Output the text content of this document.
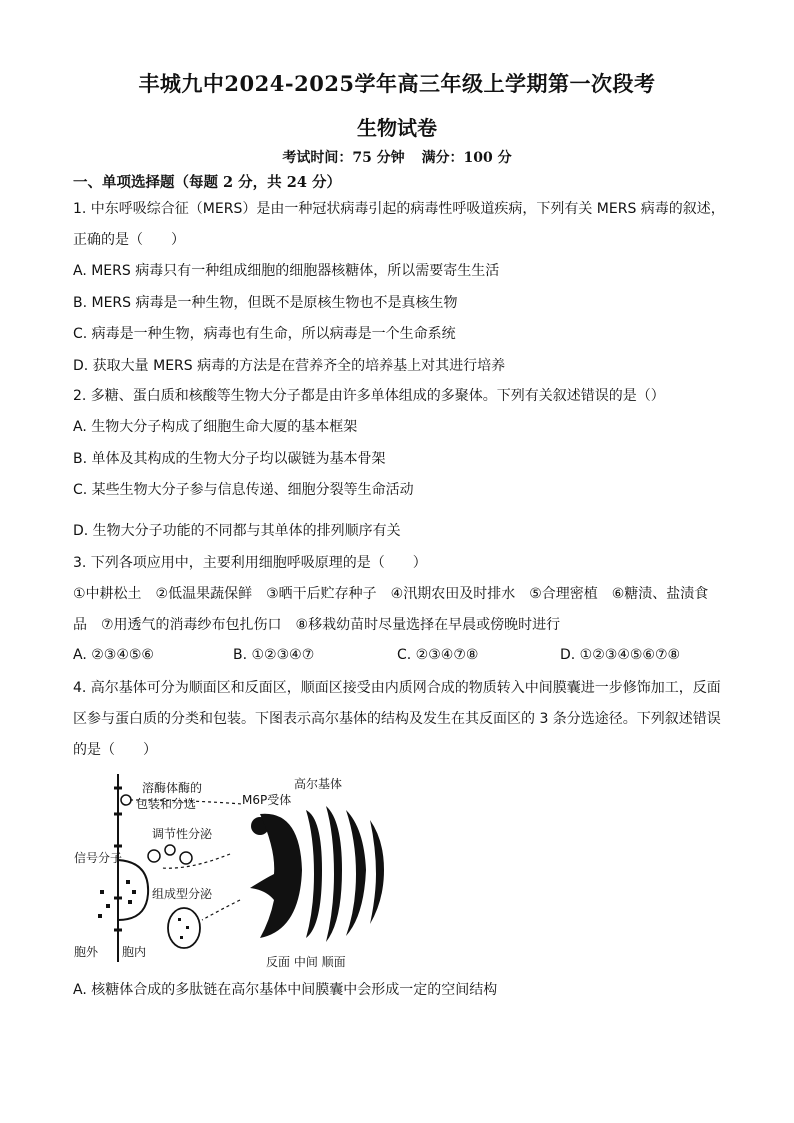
丰城九中2024-2025学年高三年级上学期第一次段考
生物试卷
考试时间：75 分钟 满分：100 分
一、单项选择题（每题 2 分，共 24 分）
1. 中东呼吸综合征（MERS）是由一种冠状病毒引起的病毒性呼吸道疾病，下列有关 MERS 病毒的叙述，
正确的是（　　）
A. MERS 病毒只有一种组成细胞的细胞器核糖体，所以需要寄生生活
B. MERS 病毒是一种生物，但既不是原核生物也不是真核生物
C. 病毒是一种生物，病毒也有生命，所以病毒是一个生命系统
D. 获取大量 MERS 病毒的方法是在营养齐全的培养基上对其进行培养
2. 多糖、蛋白质和核酸等生物大分子都是由许多单体组成的多聚体。下列有关叙述错误的是（）
A. 生物大分子构成了细胞生命大厦的基本框架
B. 单体及其构成的生物大分子均以碳链为基本骨架
C. 某些生物大分子参与信息传递、细胞分裂等生命活动
D. 生物大分子功能的不同都与其单体的排列顺序有关
3. 下列各项应用中，主要利用细胞呼吸原理的是（　　）
①中耕松土　②低温果蔬保鲜　③晒干后贮存种子　④汛期农田及时排水　⑤合理密植　⑥糖渍、盐渍食
品　⑦用透气的消毒纱布包扎伤口　⑧移栽幼苗时尽量选择在早晨或傍晚时进行
A. ②③④⑤⑥	B. ①②③④⑦	C. ②③④⑦⑧	D. ①②③④⑤⑥⑦⑧
4. 高尔基体可分为顺面区和反面区，顺面区接受由内质网合成的物质转入中间膜囊进一步修饰加工，反面
区参与蛋白质的分类和包装。下图表示高尔基体的结构及发生在其反面区的 3 条分选途径。下列叙述错误
的是（　　）
信号分子
溶酶体酶的
包装和分选
调节性分泌
组成型分泌
M6P受体
高尔基体
胞外 胞内
反面 中间 顺面
A. 核糖体合成的多肽链在高尔基体中间膜囊中会形成一定的空间结构
